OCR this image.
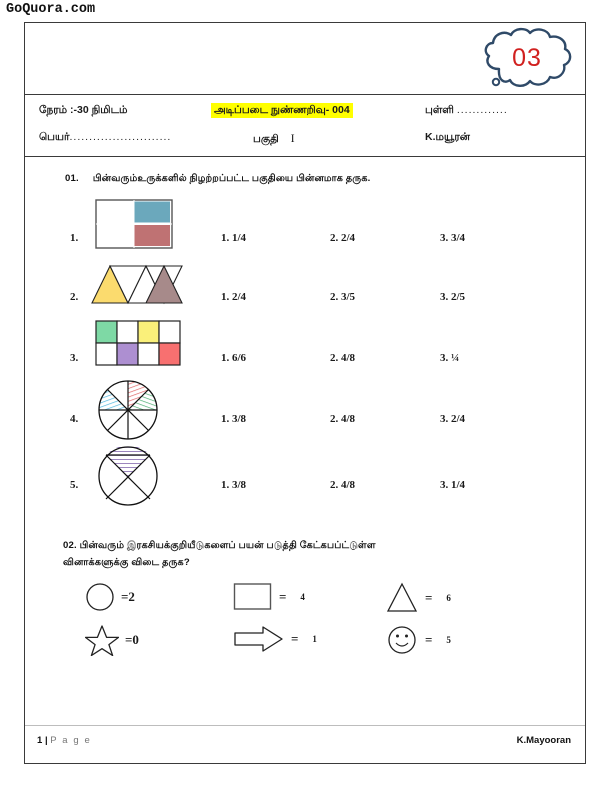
GoQuora.com
03
நேரம் :-30 நிமிடம்	அடிப்படை நுண்ணறிவு- 004	புள்ளி .............
பெயர்..........................	பகுதி I	K.மயூரன்
01. பின்வரும்உருக்களில் நிழற்றப்பட்ட பகுதியை பின்னமாக தருக.
1.	1. 1/4	2. 2/4	3. 3/4
2.	1. 2/4	2. 3/5	3. 2/5
3.	1. 6/6	2. 4/8	3. ¼
4.	1. 3/8	2. 4/8	3. 2/4
5.	1. 3/8	2. 4/8	3. 1/4
02. பின்வரும் இரகசியக்குறியீடுகளைப் பயன் படுத்தி கேட்கபப்ட்டுள்ள
வினாக்களுக்கு விடை தருக?
= 2	= 4	= 6
= 0	= 1	= 5
1 | P a g e	K.Mayooran
